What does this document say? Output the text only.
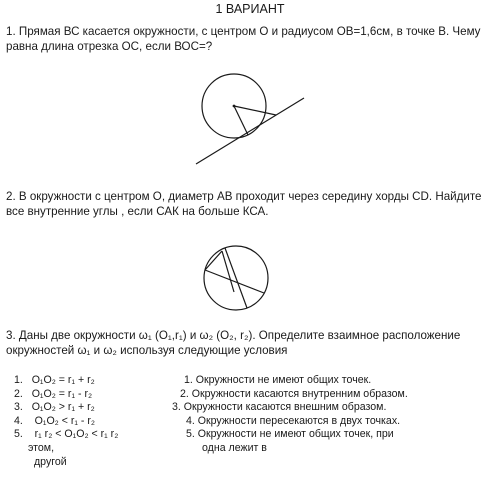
1 ВАРИАНТ
1. Прямая ВС касается окружности, с центром О и радиусом ОВ=1,6см, в точке В. Чему равна длина отрезка ОС, если ВОС=?
2. В окружности с центром О, диаметр АВ проходит через середину хорды CD. Найдите все внутренние углы , если САК на больше КСА.
3. Даны две окружности ω₁ (O₁,r₁) и ω₂ (O₂, r₂). Определите взаимное расположение окружностей ω₁ и ω₂ используя следующие условия
1. O₁O₂ = r₁ + r₂
2. O₁O₂ = r₁ - r₂
3. O₁O₂ > r₁ + r₂
4. O₁O₂ < r₁ - r₂
5. r₁ r₂ < O₁O₂ < r₁ r₂
этом,
другой
1. Окружности не имеют общих точек.
2. Окружности касаются внутренним образом.
3. Окружности касаются внешним образом.
4. Окружности пересекаются в двух точках.
5. Окружности не имеют общих точек, при
одна лежит в
